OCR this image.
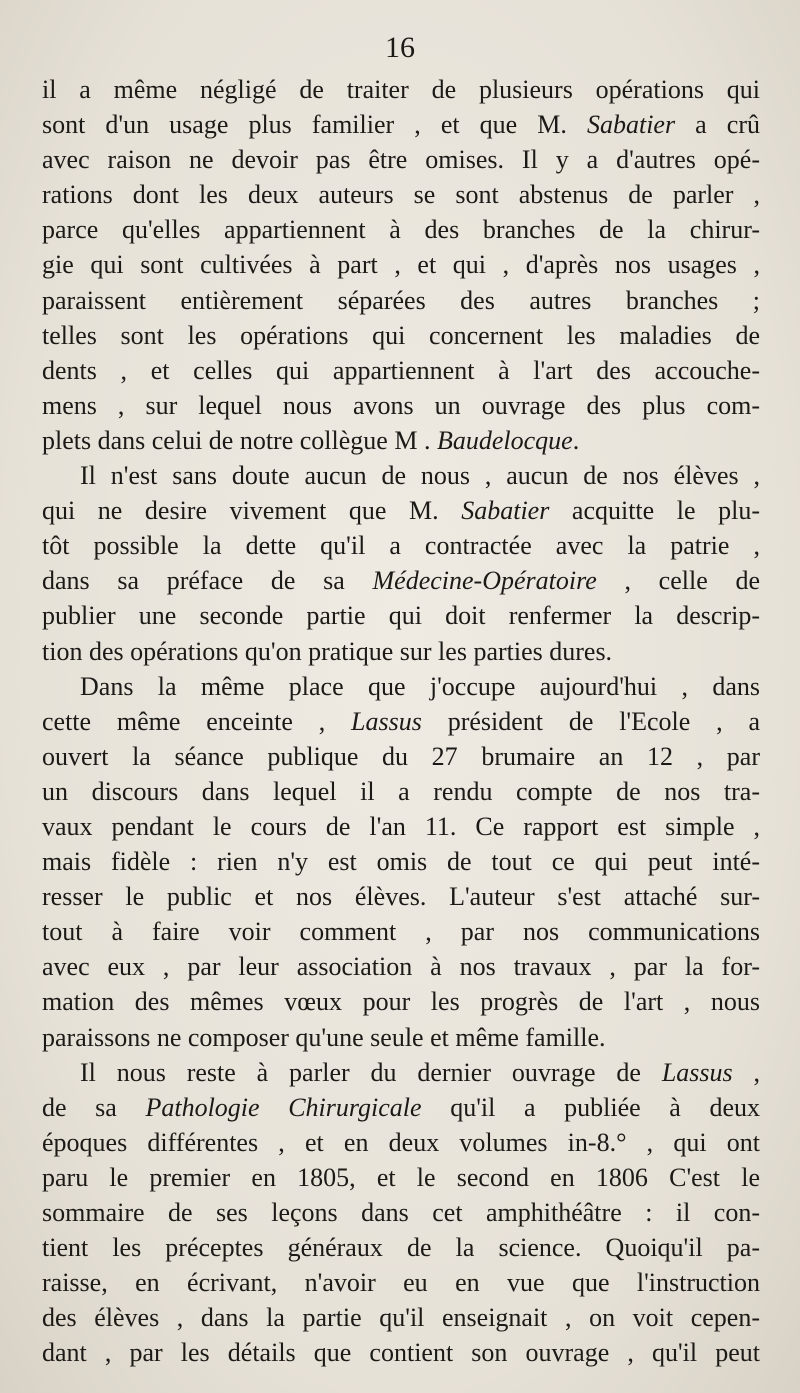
16
il a même négligé de traiter de plusieurs opérations qui
sont d'un usage plus familier , et que M. Sabatier a crû
avec raison ne devoir pas être omises. Il y a d'autres opé-
rations dont les deux auteurs se sont abstenus de parler ,
parce qu'elles appartiennent à des branches de la chirur-
gie qui sont cultivées à part , et qui , d'après nos usages ,
paraissent entièrement séparées des autres branches ;
telles sont les opérations qui concernent les maladies de
dents , et celles qui appartiennent à l'art des accouche-
mens , sur lequel nous avons un ouvrage des plus com-
plets dans celui de notre collègue M . Baudelocque.
Il n'est sans doute aucun de nous , aucun de nos élèves ,
qui ne desire vivement que M. Sabatier acquitte le plu-
tôt possible la dette qu'il a contractée avec la patrie ,
dans sa préface de sa Médecine-Opératoire , celle de
publier une seconde partie qui doit renfermer la descrip-
tion des opérations qu'on pratique sur les parties dures.
Dans la même place que j'occupe aujourd'hui , dans
cette même enceinte , Lassus président de l'Ecole , a
ouvert la séance publique du 27 brumaire an 12 , par
un discours dans lequel il a rendu compte de nos tra-
vaux pendant le cours de l'an 11. Ce rapport est simple ,
mais fidèle : rien n'y est omis de tout ce qui peut inté-
resser le public et nos élèves. L'auteur s'est attaché sur-
tout à faire voir comment , par nos communications
avec eux , par leur association à nos travaux , par la for-
mation des mêmes vœux pour les progrès de l'art , nous
paraissons ne composer qu'une seule et même famille.
Il nous reste à parler du dernier ouvrage de Lassus ,
de sa Pathologie Chirurgicale qu'il a publiée à deux
époques différentes , et en deux volumes in-8.° , qui ont
paru le premier en 1805, et le second en 1806 C'est le
sommaire de ses leçons dans cet amphithéâtre : il con-
tient les préceptes généraux de la science. Quoiqu'il pa-
raisse, en écrivant, n'avoir eu en vue que l'instruction
des élèves , dans la partie qu'il enseignait , on voit cepen-
dant , par les détails que contient son ouvrage , qu'il peut
